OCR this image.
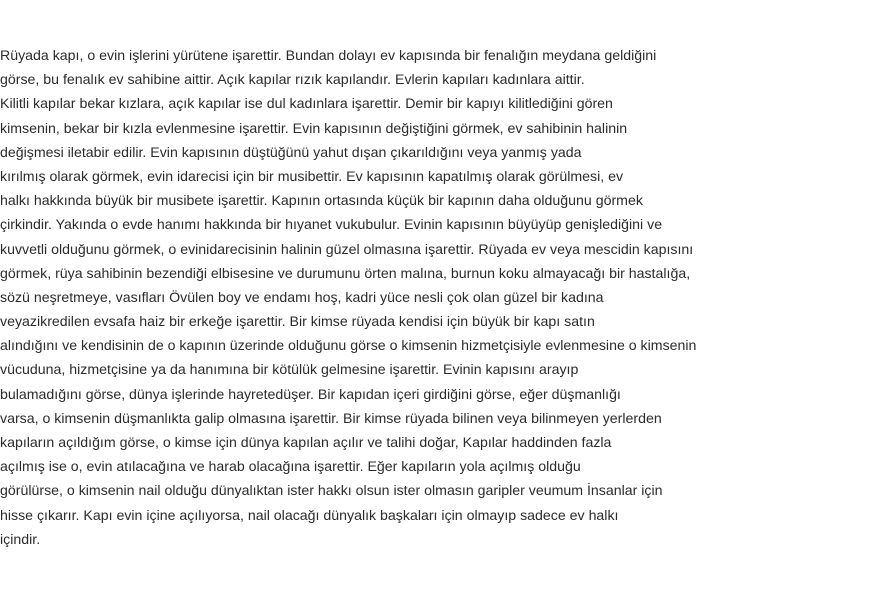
Rüyada kapı, o evin işlerini yürütene işarettir. Bundan dolayı ev kapısında bir fenalığın meydana geldiğini
görse, bu fenalık ev sahibine aittir. Açık kapılar rızık kapılandır. Evlerin kapıları kadınlara aittir.
Kilitli kapılar bekar kızlara, açık kapılar ise dul kadınlara işarettir. Demir bir kapıyı kilitlediğini gören
kimsenin, bekar bir kızla evlenmesine işarettir. Evin kapısının değiştiğini görmek, ev sahibinin halinin
değişmesi iletabir edilir. Evin kapısının düştüğünü yahut dışan çıkarıldığını veya yanmış yada
kırılmış olarak görmek, evin idarecisi için bir musibettir. Ev kapısının kapatılmış olarak görülmesi, ev
halkı hakkında büyük bir musibete işarettir. Kapının ortasında küçük bir kapının daha olduğunu görmek
çirkindir. Yakında o evde hanımı hakkında bir hıyanet vukubulur. Evinin kapısının büyüyüp genişlediğini ve
kuvvetli olduğunu görmek, o evinidarecisinin halinin güzel olmasına işarettir. Rüyada ev veya mescidin kapısını
görmek, rüya sahibinin bezendiği elbisesine ve durumunu örten malına, burnun koku almayacağı bir hastalığa,
sözü neşretmeye, vasıfları Övülen boy ve endamı hoş, kadri yüce nesli çok olan güzel bir kadına
veyazikredilen evsafa haiz bir erkeğe işarettir. Bir kimse rüyada kendisi için büyük bir kapı satın
alındığını ve kendisinin de o kapının üzerinde olduğunu görse o kimsenin hizmetçisiyle evlenmesine o kimsenin
vücuduna, hizmetçisine ya da hanımına bir kötülük gelmesine işarettir. Evinin kapısını arayıp
bulamadığını görse, dünya işlerinde hayretedüşer. Bir kapıdan içeri girdiğini görse, eğer düşmanlığı
varsa, o kimsenin düşmanlıkta galip olmasına işarettir. Bir kimse rüyada bilinen veya bilinmeyen yerlerden
kapıların açıldığım görse, o kimse için dünya kapılan açılır ve talihi doğar, Kapılar haddinden fazla
açılmış ise o, evin atılacağına ve harab olacağına işarettir. Eğer kapıların yola açılmış olduğu
görülürse, o kimsenin nail olduğu dünyalıktan ister hakkı olsun ister olmasın garipler veumum İnsanlar için
hisse çıkarır. Kapı evin içine açılıyorsa, nail olacağı dünyalık başkaları için olmayıp sadece ev halkı
içindir.
